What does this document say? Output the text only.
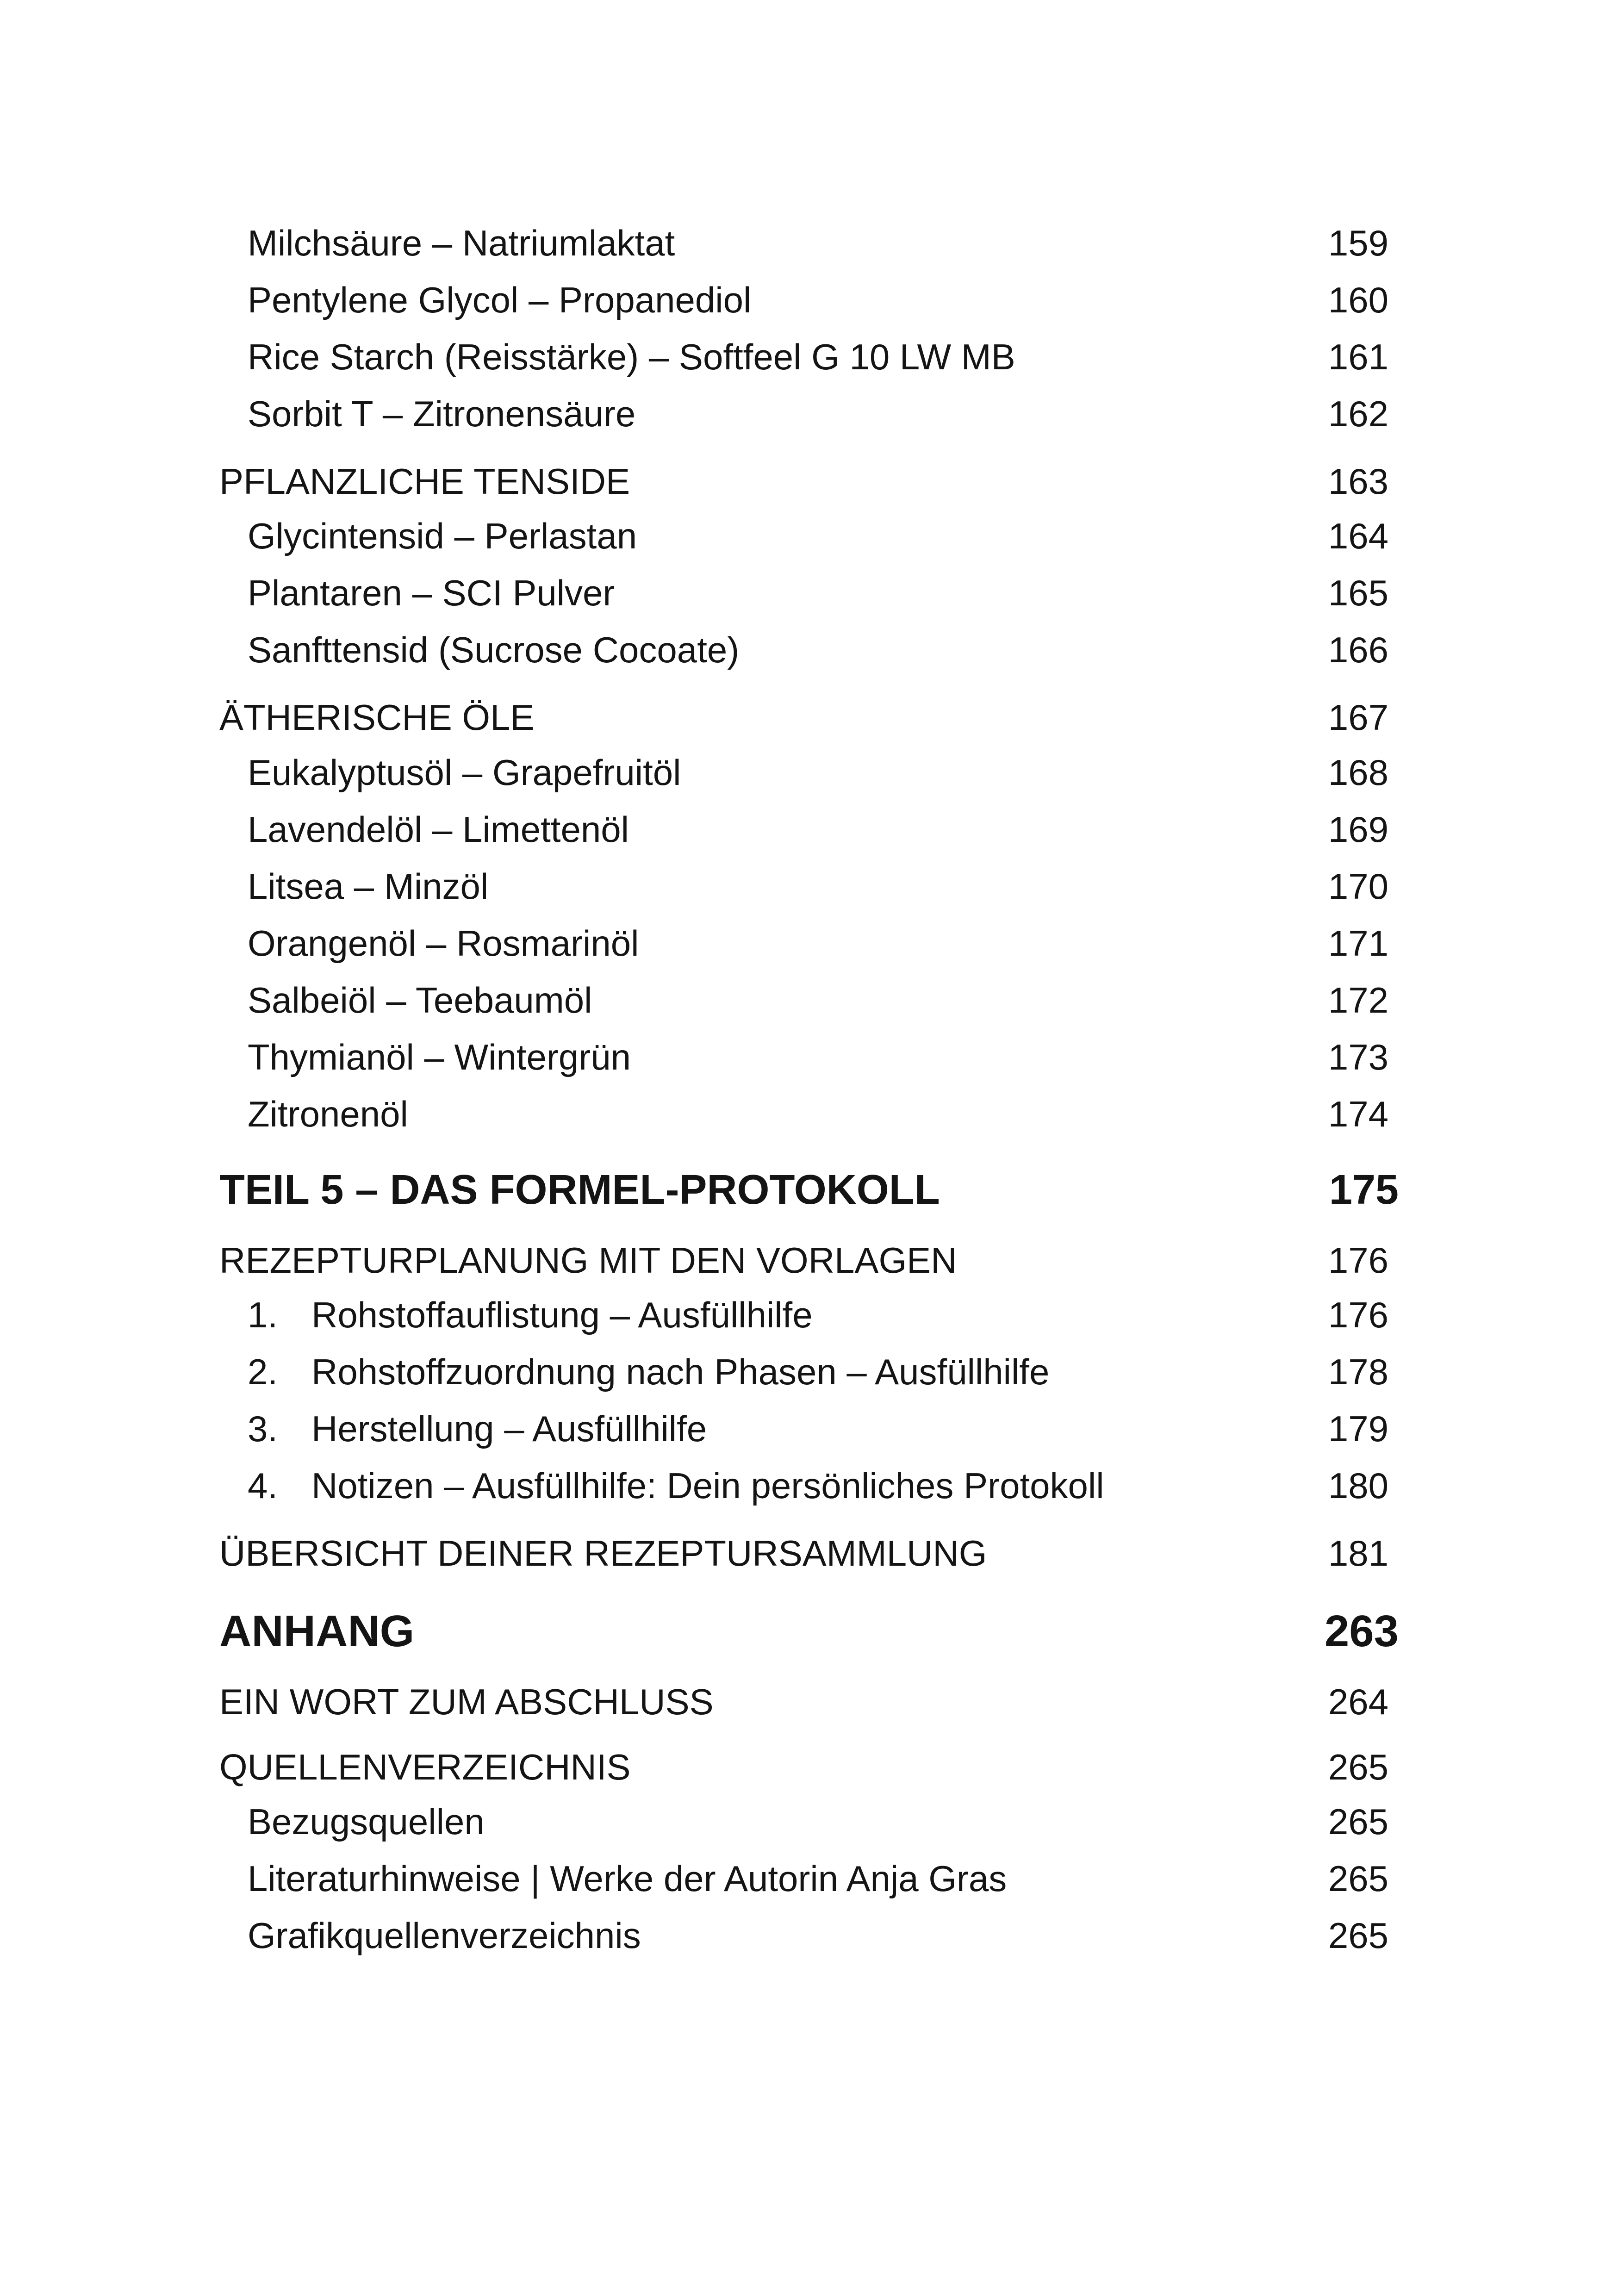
Milchsäure – Natriumlaktat	159
Pentylene Glycol – Propanediol	160
Rice Starch (Reisstärke) – Softfeel G 10 LW MB	161
Sorbit T – Zitronensäure	162
PFLANZLICHE TENSIDE	163
Glycintensid – Perlastan	164
Plantaren – SCI Pulver	165
Sanfttensid (Sucrose Cocoate)	166
ÄTHERISCHE ÖLE	167
Eukalyptusöl – Grapefruitöl	168
Lavendelöl – Limettenöl	169
Litsea – Minzöl	170
Orangenöl – Rosmarinöl	171
Salbeiöl – Teebaumöl	172
Thymianöl – Wintergrün	173
Zitronenöl	174
TEIL 5 – DAS FORMEL-PROTOKOLL	175
REZEPTURPLANUNG MIT DEN VORLAGEN	176
1. Rohstoffauflistung – Ausfüllhilfe	176
2. Rohstoffzuordnung nach Phasen – Ausfüllhilfe	178
3. Herstellung – Ausfüllhilfe	179
4. Notizen – Ausfüllhilfe: Dein persönliches Protokoll	180
ÜBERSICHT DEINER REZEPTURSAMMLUNG	181
ANHANG	263
EIN WORT ZUM ABSCHLUSS	264
QUELLENVERZEICHNIS	265
Bezugsquellen	265
Literaturhinweise | Werke der Autorin Anja Gras	265
Grafikquellenverzeichnis	265
